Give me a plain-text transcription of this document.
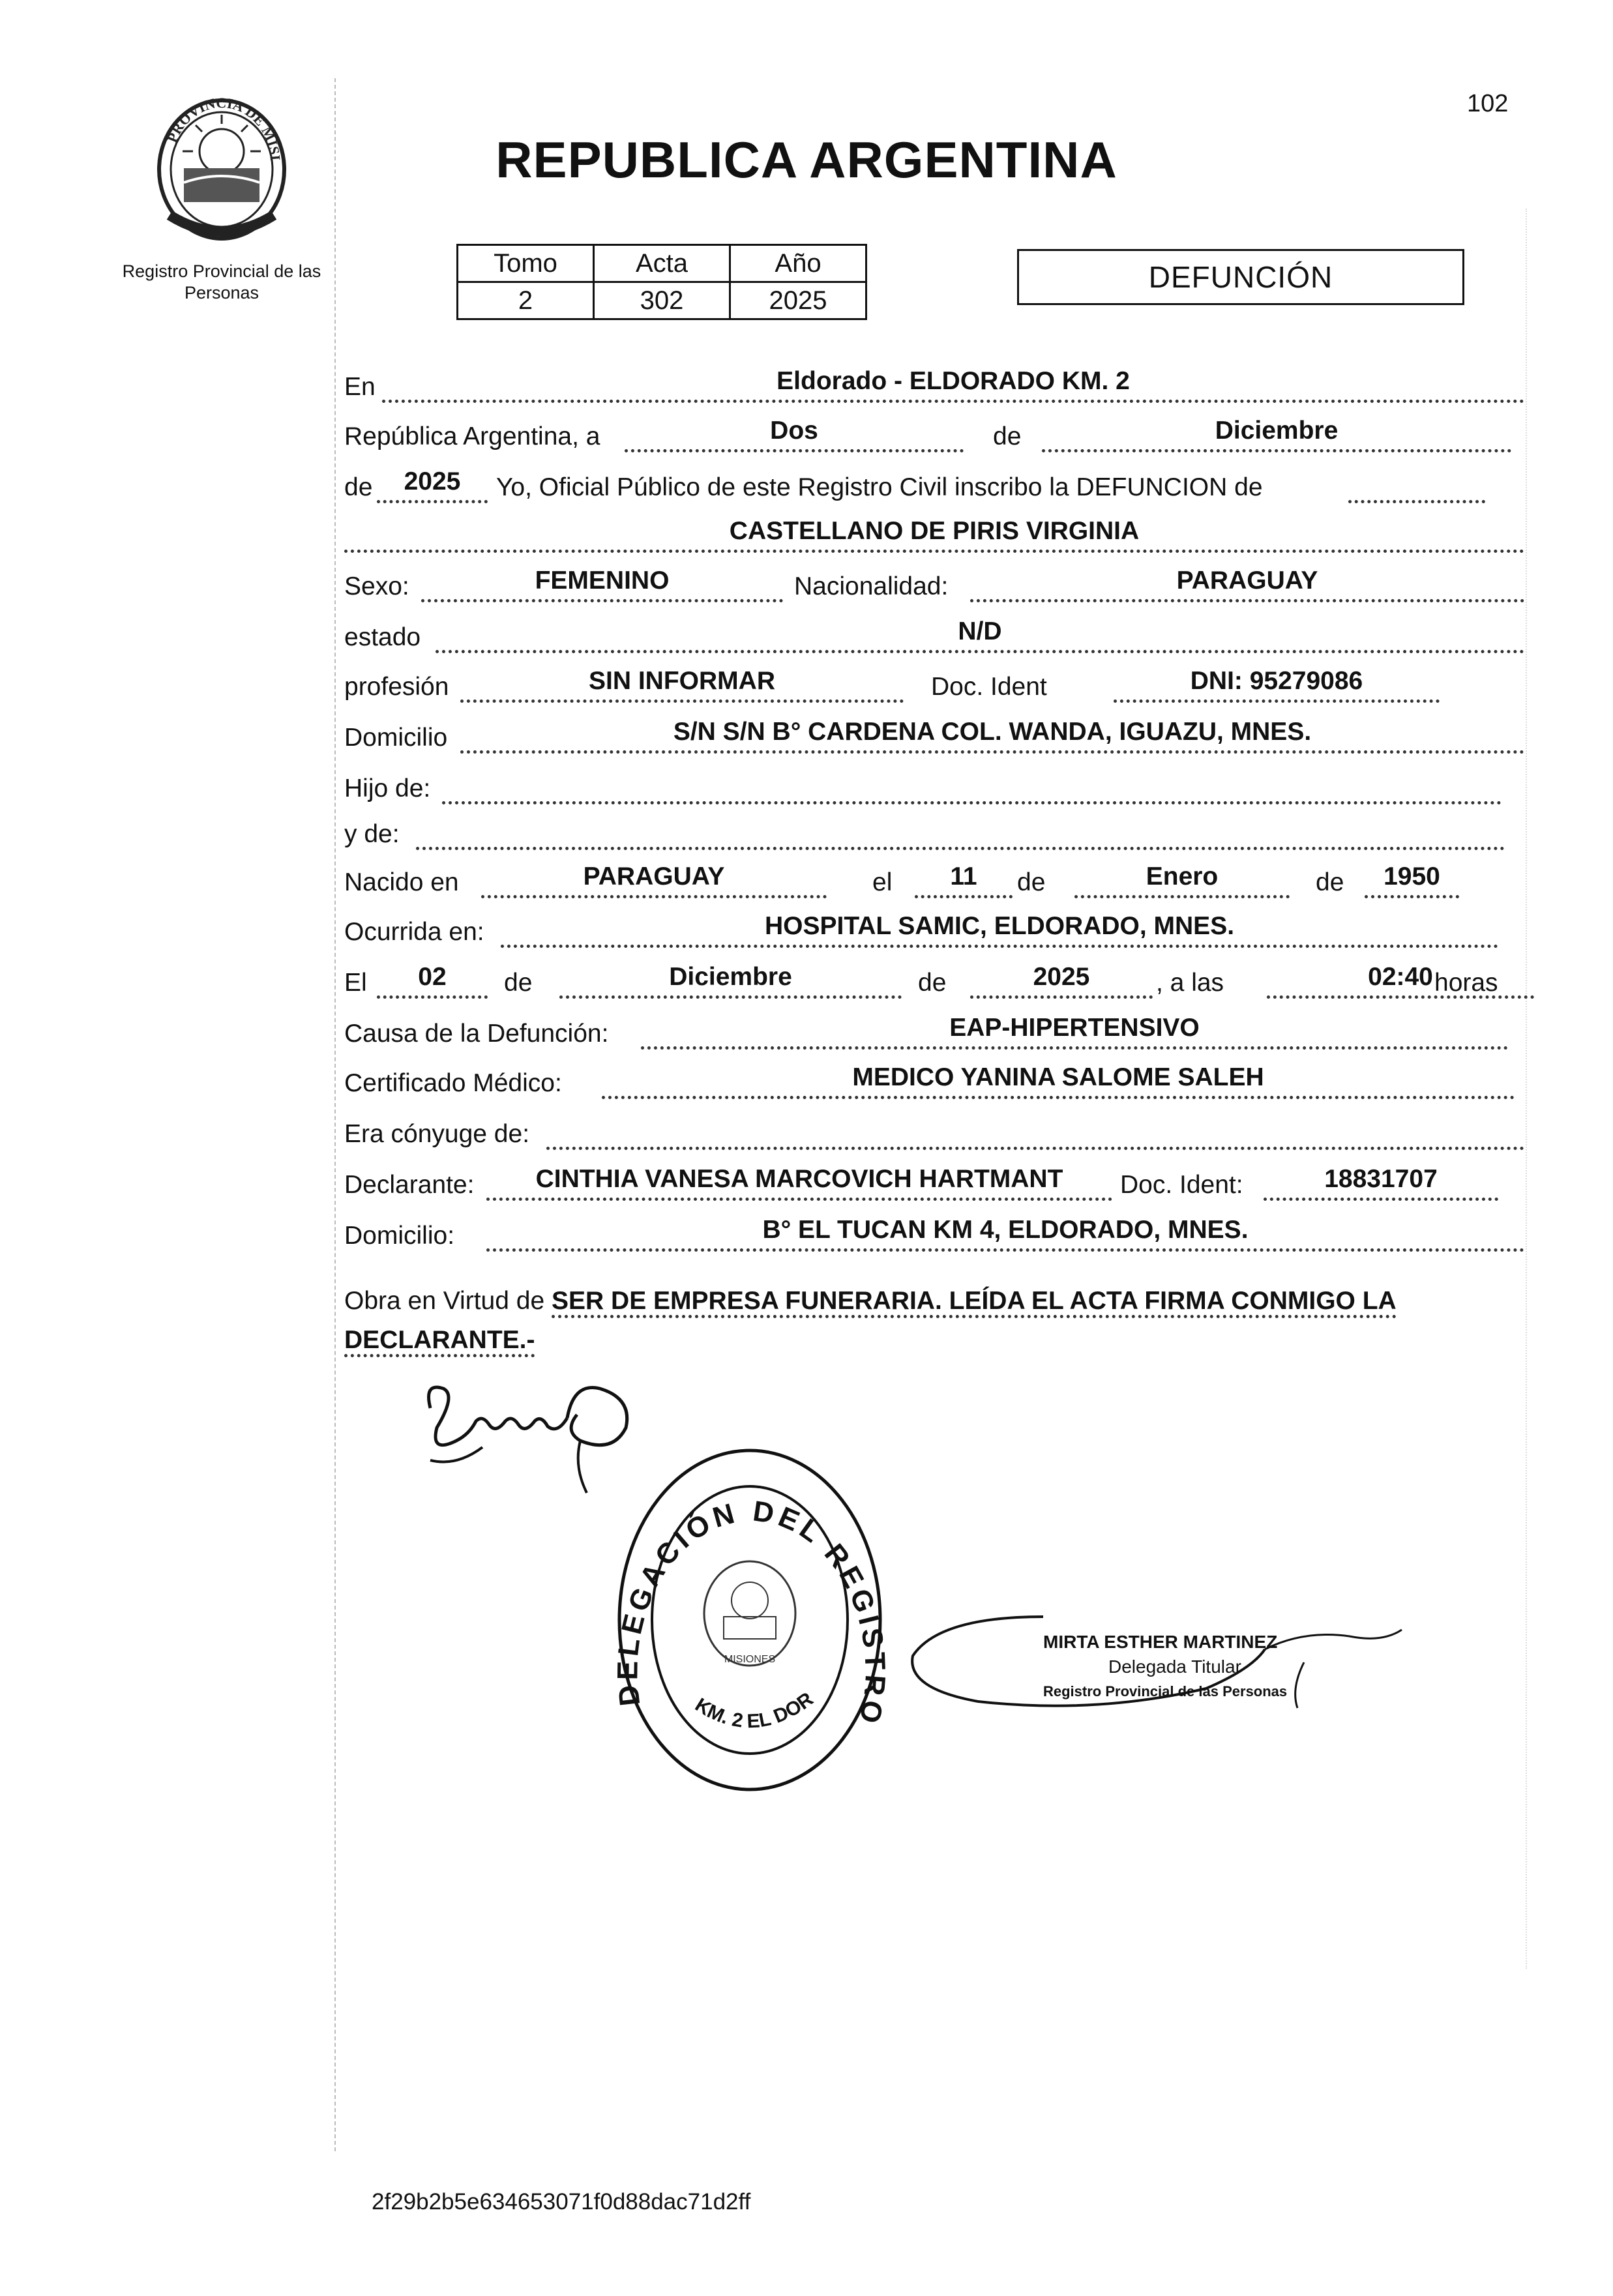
102
PROVINCIA DE MISI
Registro Provincial de las Personas
REPUBLICA ARGENTINA
Tomo	Acta	Año
2	302	2025
DEFUNCIÓN
En	Eldorado - ELDORADO KM. 2
República Argentina, a	Dos	de	Diciembre
de	2025	Yo, Oficial Público de este Registro Civil inscribo la DEFUNCION de
CASTELLANO DE PIRIS VIRGINIA
Sexo:	FEMENINO	Nacionalidad:	PARAGUAY
estado	N/D
profesión	SIN INFORMAR	Doc. Ident	DNI: 95279086
Domicilio	S/N S/N B° CARDENA COL. WANDA, IGUAZU, MNES.
Hijo de:
y de:
Nacido en	PARAGUAY	el	11	de	Enero	de	1950
Ocurrida en:	HOSPITAL SAMIC, ELDORADO, MNES.
El	02	de	Diciembre	de	2025	, a las	02:40 horas
Causa de la Defunción:	EAP-HIPERTENSIVO
Certificado Médico:	MEDICO YANINA SALOME SALEH
Era cónyuge de:
Declarante:	CINTHIA VANESA MARCOVICH HARTMANT	Doc. Ident:	18831707
Domicilio:	B° EL TUCAN KM 4, ELDORADO, MNES.
Obra en Virtud de SER DE EMPRESA FUNERARIA. LEÍDA EL ACTA FIRMA CONMIGO LA
DECLARANTE.-
DELEGACIÓN DEL REGISTRO
KM. 2 EL DOR
MISIONES
MIRTA ESTHER MARTINEZ
Delegada Titular
Registro Provincial de las Personas
2f29b2b5e634653071f0d88dac71d2ff
